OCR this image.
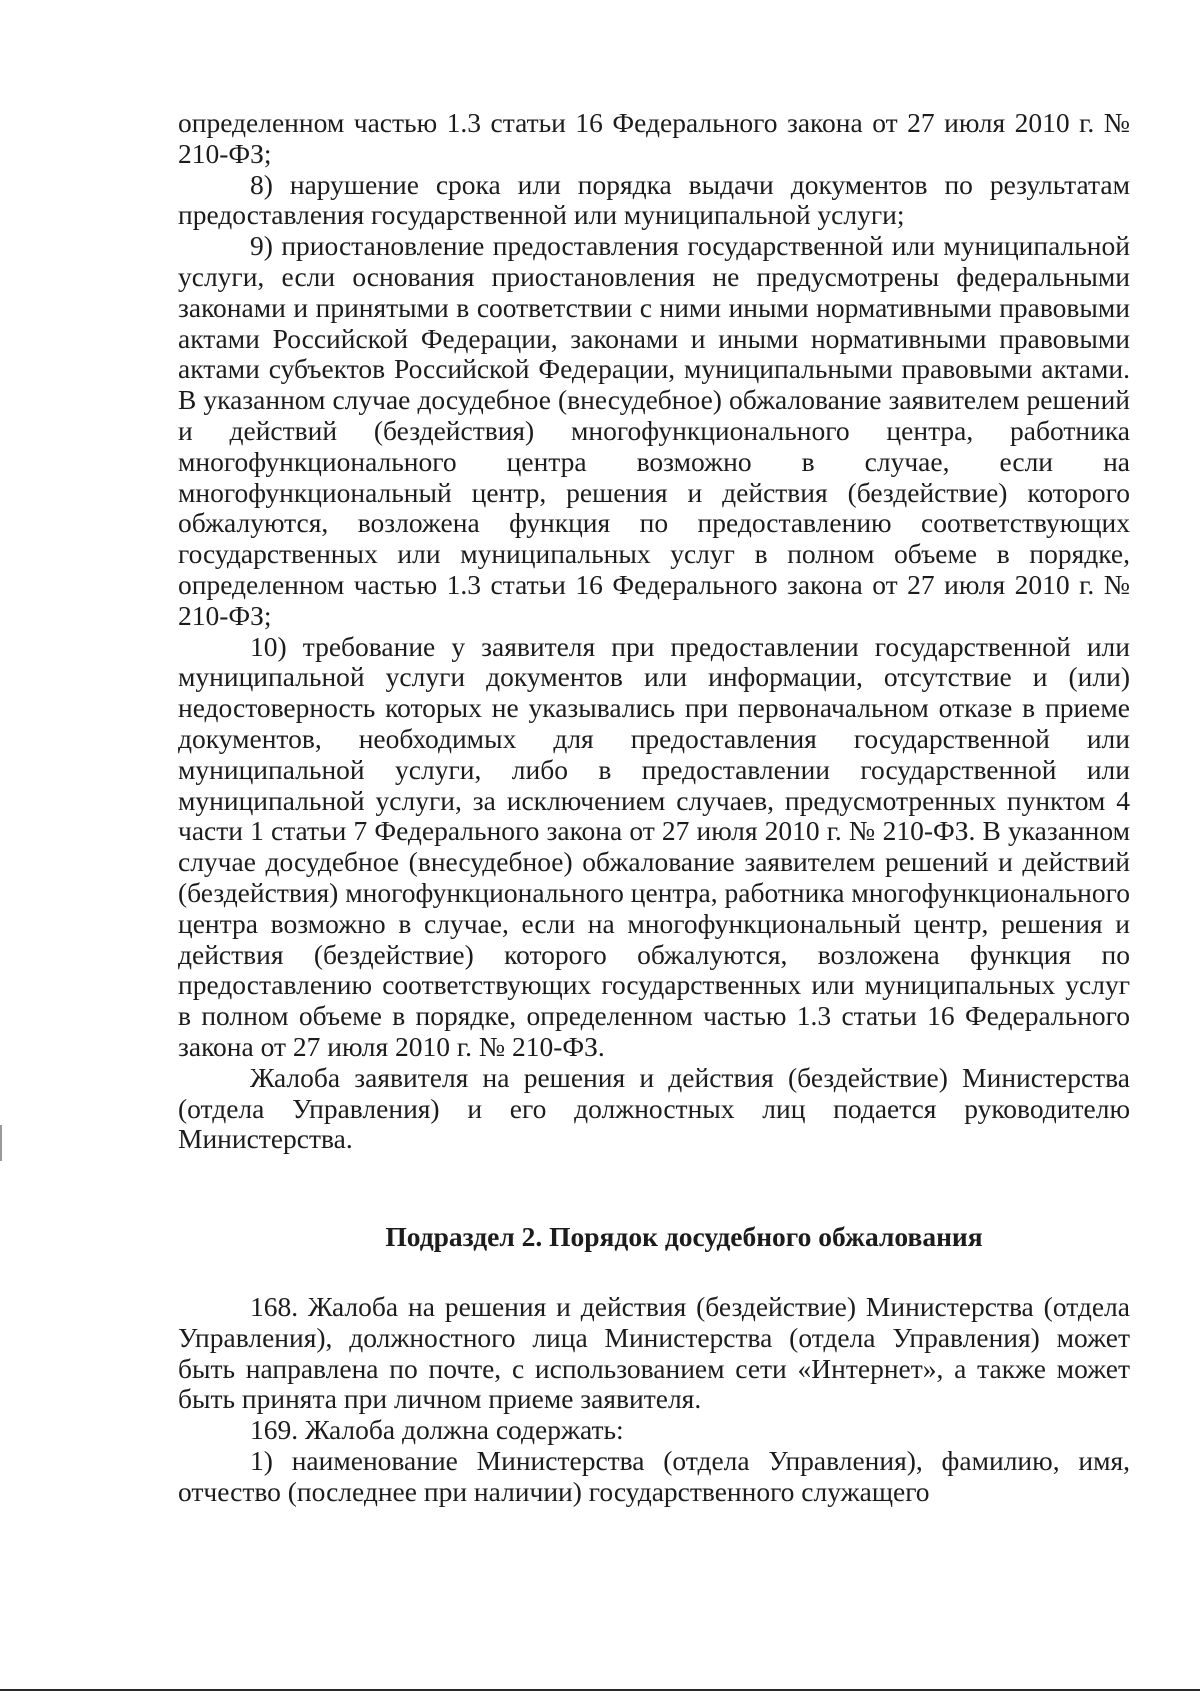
определенном частью 1.3 статьи 16 Федерального закона от 27 июля 2010 г. № 210-ФЗ;

8) нарушение срока или порядка выдачи документов по результатам предоставления государственной или муниципальной услуги;

9) приостановление предоставления государственной или муниципальной услуги, если основания приостановления не предусмотрены федеральными законами и принятыми в соответствии с ними иными нормативными правовыми актами Российской Федерации, законами и иными нормативными правовыми актами субъектов Российской Федерации, муниципальными правовыми актами. В указанном случае досудебное (внесудебное) обжалование заявителем решений и действий (бездействия) многофункционального центра, работника многофункционального центра возможно в случае, если на многофункциональный центр, решения и действия (бездействие) которого обжалуются, возложена функция по предоставлению соответствующих государственных или муниципальных услуг в полном объеме в порядке, определенном частью 1.3 статьи 16 Федерального закона от 27 июля 2010 г. № 210-ФЗ;

10) требование у заявителя при предоставлении государственной или муниципальной услуги документов или информации, отсутствие и (или) недостоверность которых не указывались при первоначальном отказе в приеме документов, необходимых для предоставления государственной или муниципальной услуги, либо в предоставлении государственной или муниципальной услуги, за исключением случаев, предусмотренных пунктом 4 части 1 статьи 7 Федерального закона от 27 июля 2010 г. № 210-ФЗ. В указанном случае досудебное (внесудебное) обжалование заявителем решений и действий (бездействия) многофункционального центра, работника многофункционального центра возможно в случае, если на многофункциональный центр, решения и действия (бездействие) которого обжалуются, возложена функция по предоставлению соответствующих государственных или муниципальных услуг в полном объеме в порядке, определенном частью 1.3 статьи 16 Федерального закона от 27 июля 2010 г. № 210-ФЗ.

Жалоба заявителя на решения и действия (бездействие) Министерства (отдела Управления) и его должностных лиц подается руководителю Министерства.

Подраздел 2. Порядок досудебного обжалования

168. Жалоба на решения и действия (бездействие) Министерства (отдела Управления), должностного лица Министерства (отдела Управления) может быть направлена по почте, с использованием сети «Интернет», а также может быть принята при личном приеме заявителя.

169. Жалоба должна содержать:

1) наименование Министерства (отдела Управления), фамилию, имя, отчество (последнее при наличии) государственного служащего
